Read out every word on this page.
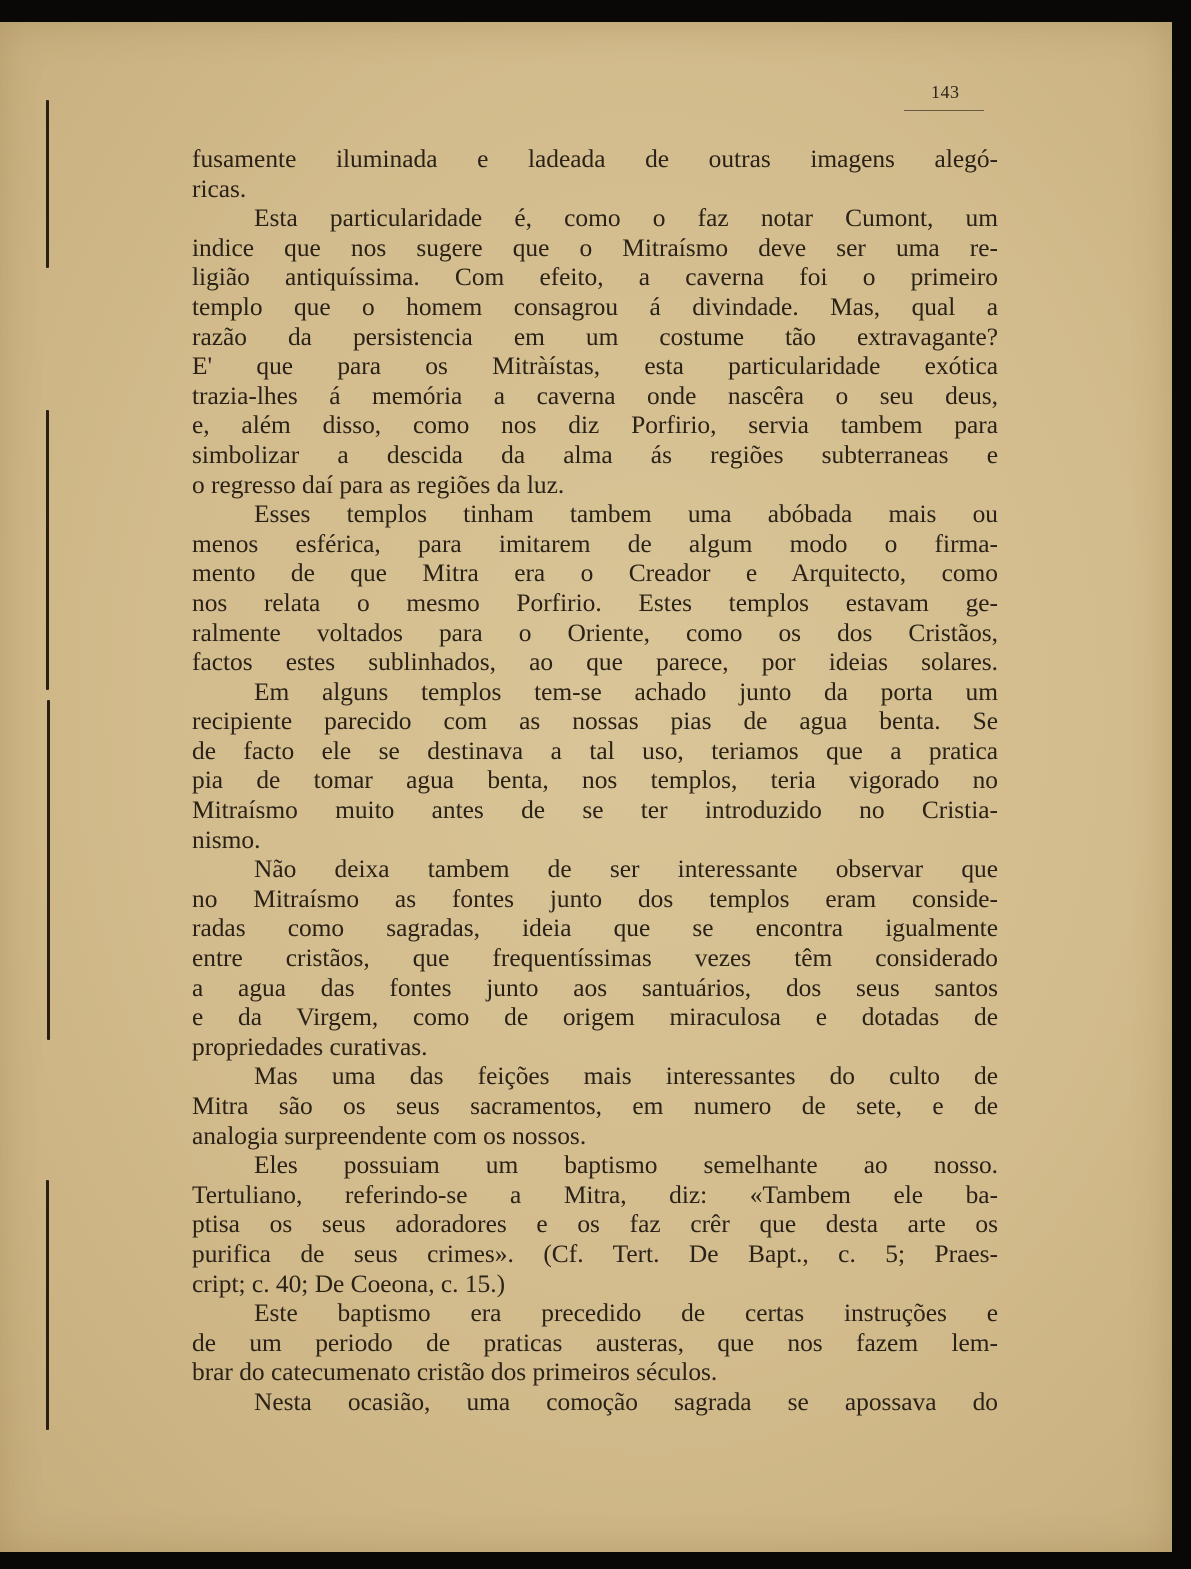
143
fusamente iluminada e ladeada de outras imagens alegó-
ricas.
Esta particularidade é, como o faz notar Cumont, um
indice que nos sugere que o Mitraísmo deve ser uma re-
ligião antiquíssima. Com efeito, a caverna foi o primeiro
templo que o homem consagrou á divindade. Mas, qual a
razão da persistencia em um costume tão extravagante?
E' que para os Mitràístas, esta particularidade exótica
trazia-lhes á memória a caverna onde nascêra o seu deus,
e, além disso, como nos diz Porfirio, servia tambem para
simbolizar a descida da alma ás regiões subterraneas e
o regresso daí para as regiões da luz.
Esses templos tinham tambem uma abóbada mais ou
menos esférica, para imitarem de algum modo o firma-
mento de que Mitra era o Creador e Arquitecto, como
nos relata o mesmo Porfirio. Estes templos estavam ge-
ralmente voltados para o Oriente, como os dos Cristãos,
factos estes sublinhados, ao que parece, por ideias solares.
Em alguns templos tem-se achado junto da porta um
recipiente parecido com as nossas pias de agua benta. Se
de facto ele se destinava a tal uso, teriamos que a pratica
pia de tomar agua benta, nos templos, teria vigorado no
Mitraísmo muito antes de se ter introduzido no Cristia-
nismo.
Não deixa tambem de ser interessante observar que
no Mitraísmo as fontes junto dos templos eram conside-
radas como sagradas, ideia que se encontra igualmente
entre cristãos, que frequentíssimas vezes têm considerado
a agua das fontes junto aos santuários, dos seus santos
e da Virgem, como de origem miraculosa e dotadas de
propriedades curativas.
Mas uma das feições mais interessantes do culto de
Mitra são os seus sacramentos, em numero de sete, e de
analogia surpreendente com os nossos.
Eles possuiam um baptismo semelhante ao nosso.
Tertuliano, referindo-se a Mitra, diz: «Tambem ele ba-
ptisa os seus adoradores e os faz crêr que desta arte os
purifica de seus crimes». (Cf. Tert. De Bapt., c. 5; Praes-
cript; c. 40; De Coeona, c. 15.)
Este baptismo era precedido de certas instruções e
de um periodo de praticas austeras, que nos fazem lem-
brar do catecumenato cristão dos primeiros séculos.
Nesta ocasião, uma comoção sagrada se apossava do
